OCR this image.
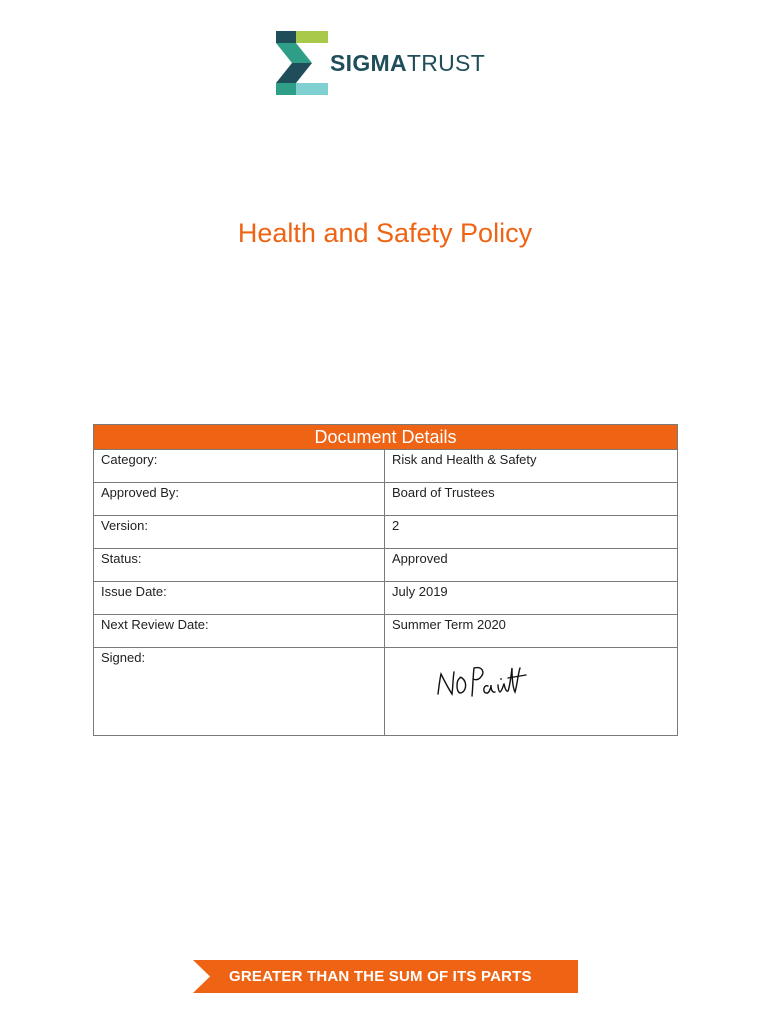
SIGMATRUST
Health and Safety Policy
Document Details	
Category:	Risk and Health & Safety
Approved By:	Board of Trustees
Version:	2
Status:	Approved
Issue Date:	July 2019
Next Review Date:	Summer Term 2020
Signed:	
GREATER THAN THE SUM OF ITS PARTS
